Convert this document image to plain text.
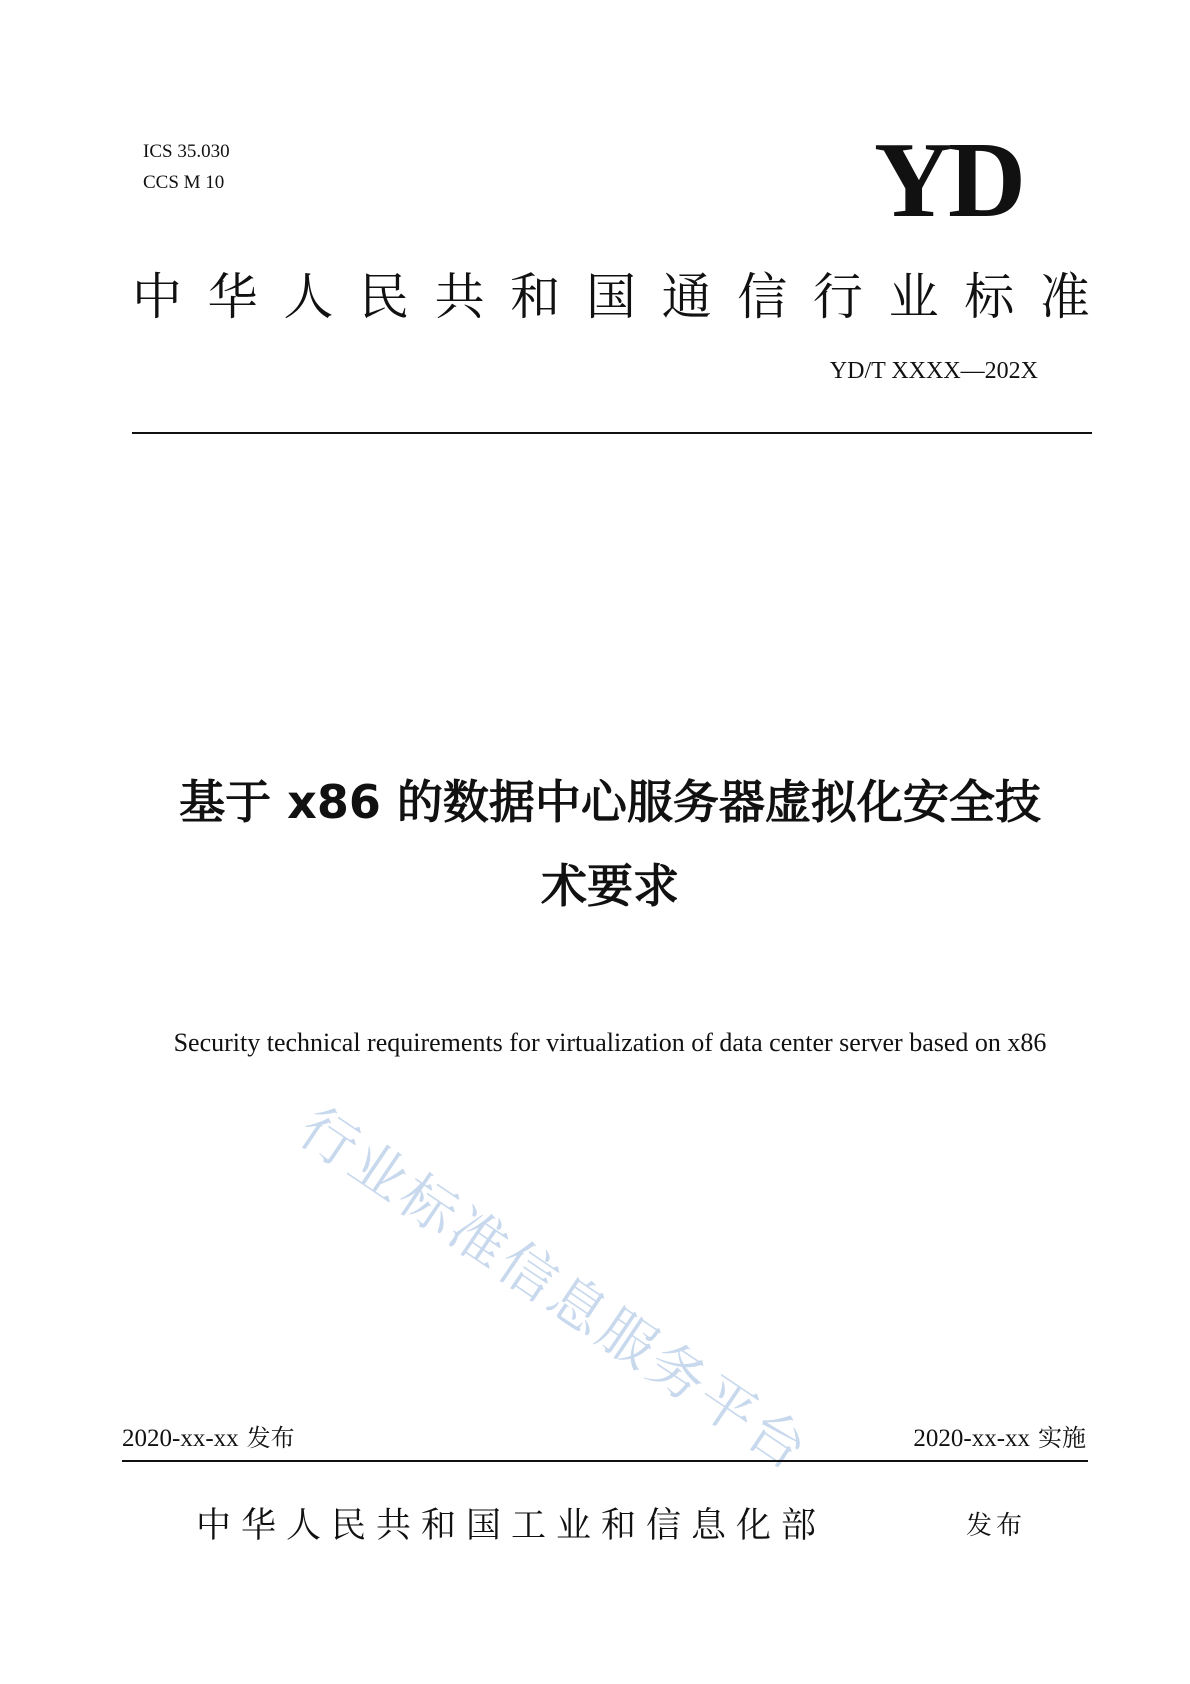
ICS 35.030
CCS M 10	YD
中 华 人 民 共 和 国 通 信 行 业 标 准
YD/T XXXX—202X
基于 x86 的数据中心服务器虚拟化安全技
术要求
Security technical requirements for virtualization of data center server based on x86
行业标准信息服务平台
2020-xx-xx 发布	2020-xx-xx 实施
中华人民共和国工业和信息化部	发布
